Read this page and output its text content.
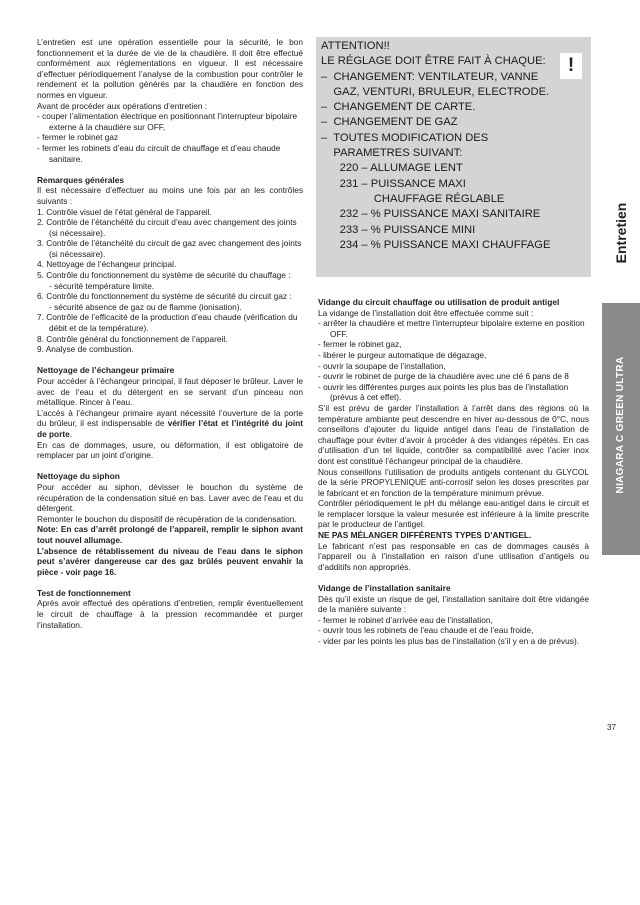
L’entretien est une opération essentielle pour la sécurité, le bon fonctionnement et la durée de vie de la chaudière. Il doit être effectué conformément aux réglementations en vigueur. Il est nécessaire d’effectuer périodiquement l’analyse de la combustion pour contrôler le rendement et la pollution générés par la chaudière en fonction des normes en vigueur.

Avant de procéder aux opérations d’entretien :

- couper l’alimentation électrique en positionnant l’interrupteur bipolaire externe à la chaudière sur OFF,

- fermer le robinet gaz

- fermer les robinets d’eau du circuit de chauffage et d’eau chaude sanitaire.

Remarques générales

Il est nécessaire d’effectuer au moins une fois par an les contrôles suivants :

1. Contrôle visuel de l’état général de l’appareil.

2. Contrôle de l’étanchéité du circuit d’eau avec changement des joints (si nécessaire).

3. Contrôle de l’étanchéité du circuit de gaz avec changement des joints (si nécessaire).

4. Nettoyage de l’échangeur principal.

5. Contrôle du fonctionnement du système de sécurité du chauffage :

- sécurité température limite.

6. Contrôle du fonctionnement du système de sécurité du circuit gaz :

- sécurité absence de gaz ou de flamme (ionisation).

7. Contrôle de l’efficacité de la production d’eau chaude (vérification du débit et de la température).

8. Contrôle général du fonctionnement de l’appareil.

9. Analyse de combustion.

Nettoyage de l’échangeur primaire

Pour accéder à l’échangeur principal, il faut déposer le brûleur. Laver le avec de l’eau et du détergent en se servant d’un pinceau non métallique. Rincer à l’eau.

L’accès à l’échangeur primaire ayant nécessité l’ouverture de la porte du brûleur, il est indispensable de vérifier l’état et l’intégrité du joint de porte.

En cas de dommages, usure, ou déformation, il est obligatoire de remplacer par un joint d’origine.

Nettoyage du siphon

Pour accéder au siphon, dévisser le bouchon du système de récupération de la condensation situé en bas. Laver avec de l’eau et du détergent.

Remonter le bouchon du dispositif de récupération de la condensation.

Note: En cas d’arrêt prolongé de l’appareil, remplir le siphon avant tout nouvel allumage.

L’absence de rétablissement du niveau de l’eau dans le siphon peut s’avérer dangereuse car des gaz brûlés peuvent envahir la pièce - voir page 16.

Test de fonctionnement

Après avoir effectué des opérations d’entretien, remplir éventuellement le circuit de chauffage à la pression recommandée et purger l’installation.

ATTENTION!!
LE RÉGLAGE DOIT ÊTRE FAIT À CHAQUE:
–  CHANGEMENT: VENTILATEUR, VANNE
GAZ, VENTURI, BRULEUR, ELECTRODE.
–  CHANGEMENT DE CARTE.
–  CHANGEMENT DE GAZ
–  TOUTES MODIFICATION DES
PARAMETRES SUIVANT:
220 – ALLUMAGE LENT
231 – PUISSANCE MAXI
CHAUFFAGE RÉGLABLE
232 – % PUISSANCE MAXI SANITAIRE
233 – % PUISSANCE MINI
234 – % PUISSANCE MAXI CHAUFFAGE
!
Vidange du circuit chauffage ou utilisation de produit antigel

La vidange de l’installation doit être effectuée comme suit :

- arrêter la chaudière et mettre l’interrupteur bipolaire externe en position OFF.

- fermer le robinet gaz,

- libérer le purgeur automatique de dégazage,

- ouvrir la soupape de l’installation,

- ouvrir le robinet de purge de la chaudière avec une clé 6 pans de 8

- ouvrir les différentes purges aux points les plus bas de l’installation (prévus à cet effet).

S’il est prévu de garder l’installation à l’arrêt dans des régions où la température ambiante peut descendre en hiver au-dessous de 0°C, nous conseillons d’ajouter du liquide antigel dans l’eau de l’installation de chauffage pour éviter d’avoir à procéder à des vidanges répétés. En cas d’utilisation d’un tel liquide, contrôler sa compatibilité avec l’acier inox dont est constitué l’échangeur principal de la chaudière.

Nous conseillons l’utilisation de produits antigels contenant du GLYCOL de la série PROPYLENIQUE anti-corrosif selon les doses prescrites par le fabricant et en fonction de la température minimum prévue.

Contrôler périodiquement le pH du mélange eau-antigel dans le circuit et le remplacer lorsque la valeur mesurée est inférieure à la limite prescrite par le producteur de l’antigel.

NE PAS MÉLANGER DIFFÉRENTS TYPES D’ANTIGEL.

Le fabricant n’est pas responsable en cas de dommages causés à l’appareil ou à l’installation en raison d’une utilisation d’antigels ou d’additifs non appropriés.

Vidange de l’installation sanitaire

Dès qu’il existe un risque de gel, l’installation sanitaire doit être vidangée de la manière suivante :

- fermer le robinet d’arrivée eau de l’installation,

- ouvrir tous les robinets de l’eau chaude et de l’eau froide,

- vider par les points les plus bas de l’installation (s’il y en a de prévus).

Entretien
NIAGARA C GREEN ULTRA
37
